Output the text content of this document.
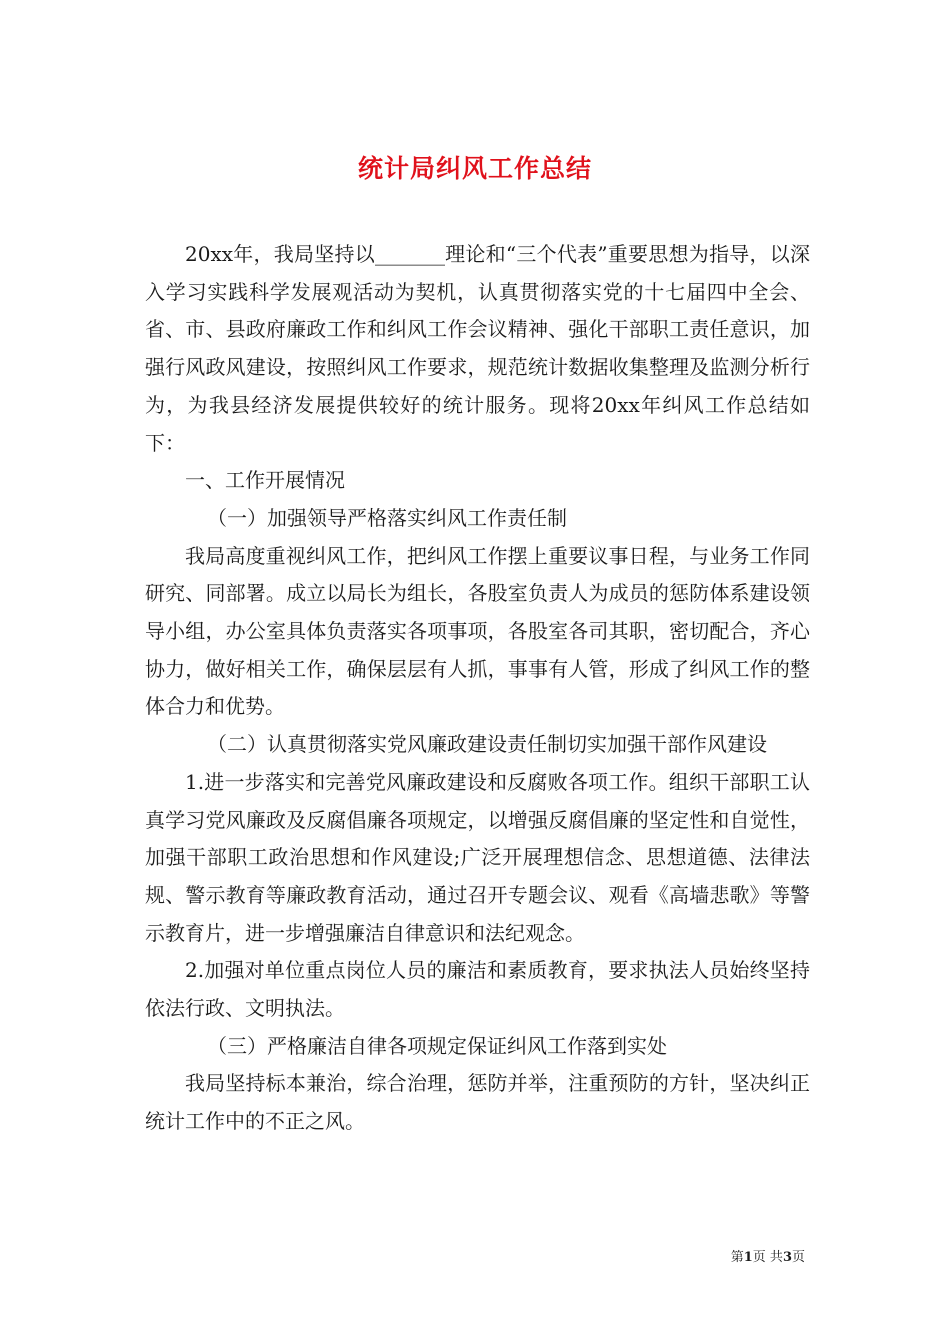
统计局纠风工作总结

20xx年，我局坚持以_______理论和“三个代表”重要思想为指导，以深入学习实践科学发展观活动为契机，认真贯彻落实党的十七届四中全会、省、市、县政府廉政工作和纠风工作会议精神、强化干部职工责任意识，加强行风政风建设，按照纠风工作要求，规范统计数据收集整理及监测分析行为，为我县经济发展提供较好的统计服务。现将20xx年纠风工作总结如下：

一、工作开展情况

（一）加强领导严格落实纠风工作责任制

我局高度重视纠风工作，把纠风工作摆上重要议事日程，与业务工作同研究、同部署。成立以局长为组长，各股室负责人为成员的惩防体系建设领导小组，办公室具体负责落实各项事项，各股室各司其职，密切配合，齐心协力，做好相关工作，确保层层有人抓，事事有人管，形成了纠风工作的整体合力和优势。

（二）认真贯彻落实党风廉政建设责任制切实加强干部作风建设

1.进一步落实和完善党风廉政建设和反腐败各项工作。组织干部职工认真学习党风廉政及反腐倡廉各项规定，以增强反腐倡廉的坚定性和自觉性，加强干部职工政治思想和作风建设;广泛开展理想信念、思想道德、法律法规、警示教育等廉政教育活动，通过召开专题会议、观看《高墙悲歌》等警示教育片，进一步增强廉洁自律意识和法纪观念。

2.加强对单位重点岗位人员的廉洁和素质教育，要求执法人员始终坚持依法行政、文明执法。

（三）严格廉洁自律各项规定保证纠风工作落到实处

我局坚持标本兼治，综合治理，惩防并举，注重预防的方针，坚决纠正统计工作中的不正之风。

第1页 共3页
